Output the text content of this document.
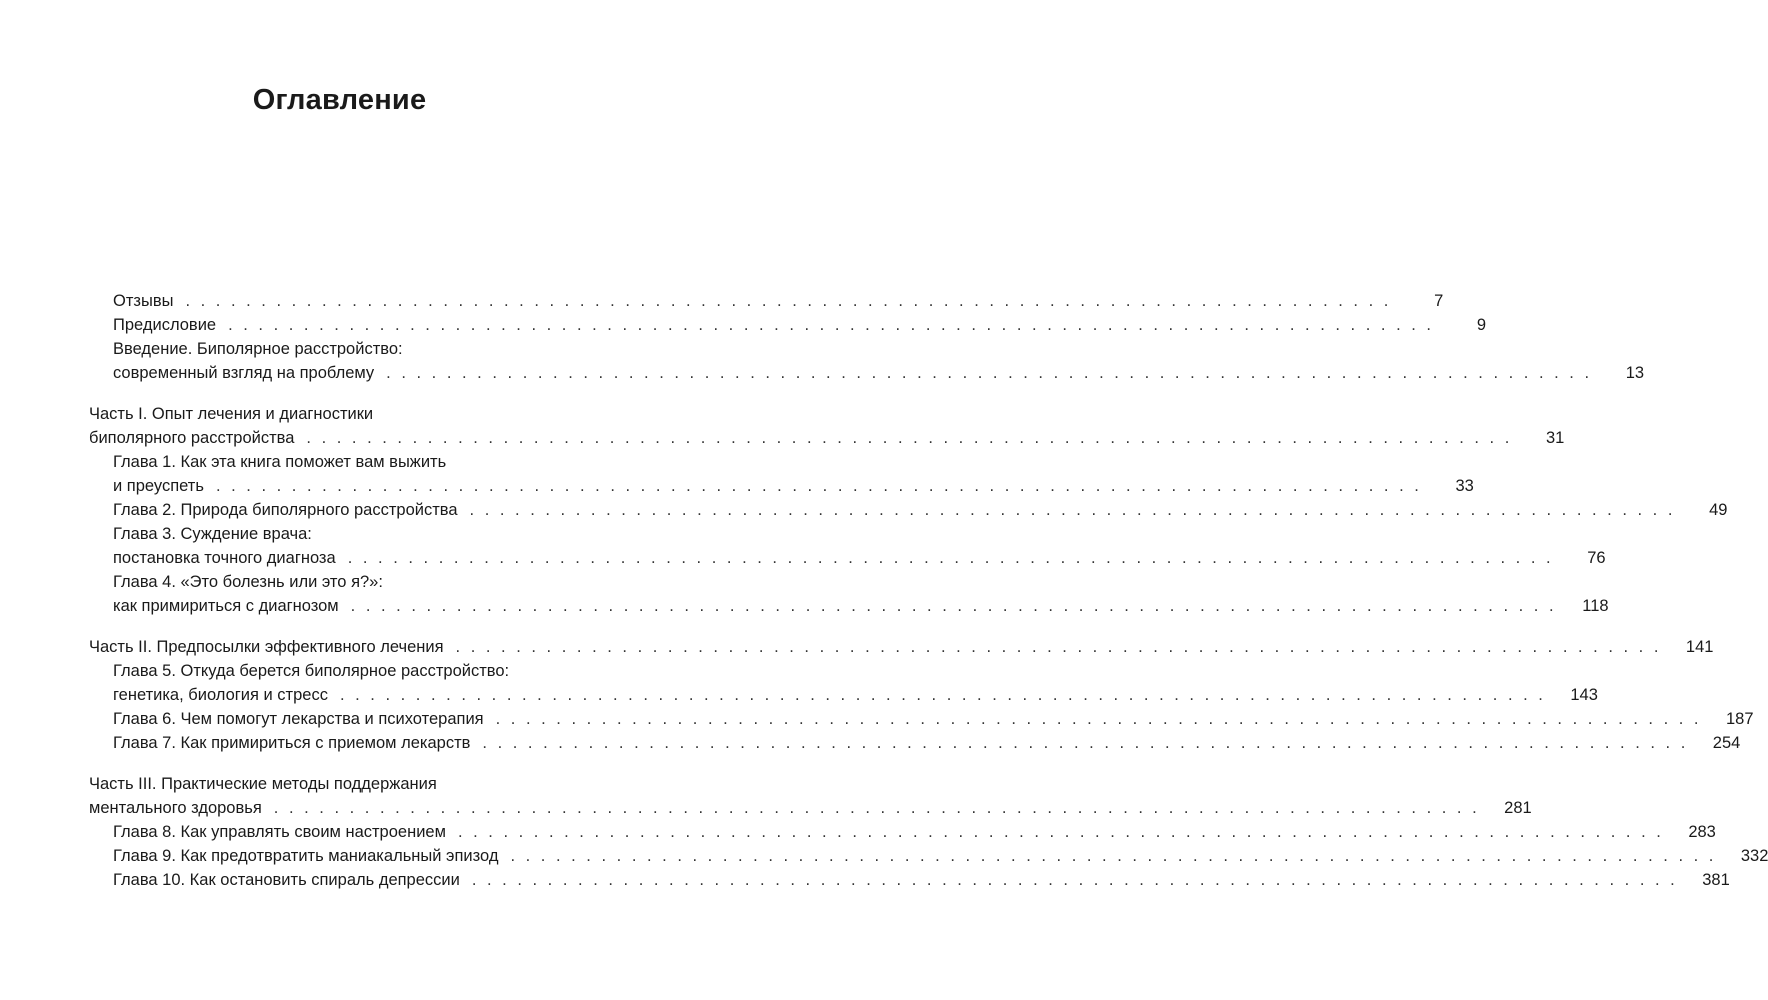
Оглавление
Отзывы . . . . . . . . . . . . . . . . . . . . . . . . . . . . . . . . . . . . . . . . . . . . . . . . . . . . . . . . . . . . . . . . . . . . . . . . . . . . . . . .	7
Предисловие . . . . . . . . . . . . . . . . . . . . . . . . . . . . . . . . . . . . . . . . . . . . . . . . . . . . . . . . . . . . . . . . . . . . . . . . . . . . . . . .	9
Введение. Биполярное расстройство:
современный взгляд на проблему . . . . . . . . . . . . . . . . . . . . . . . . . . . . . . . . . . . . . . . . . . . . . . . . . . . . . . . . . . . . . . . . . . . . . . . . . . . . . . . .	13
Часть I. Опыт лечения и диагностики
биполярного расстройства . . . . . . . . . . . . . . . . . . . . . . . . . . . . . . . . . . . . . . . . . . . . . . . . . . . . . . . . . . . . . . . . . . . . . . . . . . . . . . . .	31
Глава 1. Как эта книга поможет вам выжить
и преуспеть . . . . . . . . . . . . . . . . . . . . . . . . . . . . . . . . . . . . . . . . . . . . . . . . . . . . . . . . . . . . . . . . . . . . . . . . . . . . . . . .	33
Глава 2. Природа биполярного расстройства . . . . . . . . . . . . . . . . . . . . . . . . . . . . . . . . . . . . . . . . . . . . . . . . . . . . . . . . . . . . . . . . . . . . . . . . . . . . . . . .	49
Глава 3. Суждение врача:
постановка точного диагноза . . . . . . . . . . . . . . . . . . . . . . . . . . . . . . . . . . . . . . . . . . . . . . . . . . . . . . . . . . . . . . . . . . . . . . . . . . . . . . . .	76
Глава 4. «Это болезнь или это я?»:
как примириться с диагнозом . . . . . . . . . . . . . . . . . . . . . . . . . . . . . . . . . . . . . . . . . . . . . . . . . . . . . . . . . . . . . . . . . . . . . . . . . . . . . . . .	118
Часть II. Предпосылки эффективного лечения . . . . . . . . . . . . . . . . . . . . . . . . . . . . . . . . . . . . . . . . . . . . . . . . . . . . . . . . . . . . . . . . . . . . . . . . . . . . . . . .	141
Глава 5. Откуда берется биполярное расстройство:
генетика, биология и стресс . . . . . . . . . . . . . . . . . . . . . . . . . . . . . . . . . . . . . . . . . . . . . . . . . . . . . . . . . . . . . . . . . . . . . . . . . . . . . . . .	143
Глава 6. Чем помогут лекарства и психотерапия . . . . . . . . . . . . . . . . . . . . . . . . . . . . . . . . . . . . . . . . . . . . . . . . . . . . . . . . . . . . . . . . . . . . . . . . . . . . . . . .	187
Глава 7. Как примириться с приемом лекарств . . . . . . . . . . . . . . . . . . . . . . . . . . . . . . . . . . . . . . . . . . . . . . . . . . . . . . . . . . . . . . . . . . . . . . . . . . . . . . . .	254
Часть III. Практические методы поддержания
ментального здоровья . . . . . . . . . . . . . . . . . . . . . . . . . . . . . . . . . . . . . . . . . . . . . . . . . . . . . . . . . . . . . . . . . . . . . . . . . . . . . . . .	281
Глава 8. Как управлять своим настроением . . . . . . . . . . . . . . . . . . . . . . . . . . . . . . . . . . . . . . . . . . . . . . . . . . . . . . . . . . . . . . . . . . . . . . . . . . . . . . . .	283
Глава 9. Как предотвратить маниакальный эпизод . . . . . . . . . . . . . . . . . . . . . . . . . . . . . . . . . . . . . . . . . . . . . . . . . . . . . . . . . . . . . . . . . . . . . . . . . . . . . . . .	332
Глава 10. Как остановить спираль депрессии . . . . . . . . . . . . . . . . . . . . . . . . . . . . . . . . . . . . . . . . . . . . . . . . . . . . . . . . . . . . . . . . . . . . . . . . . . . . . . . .	381
